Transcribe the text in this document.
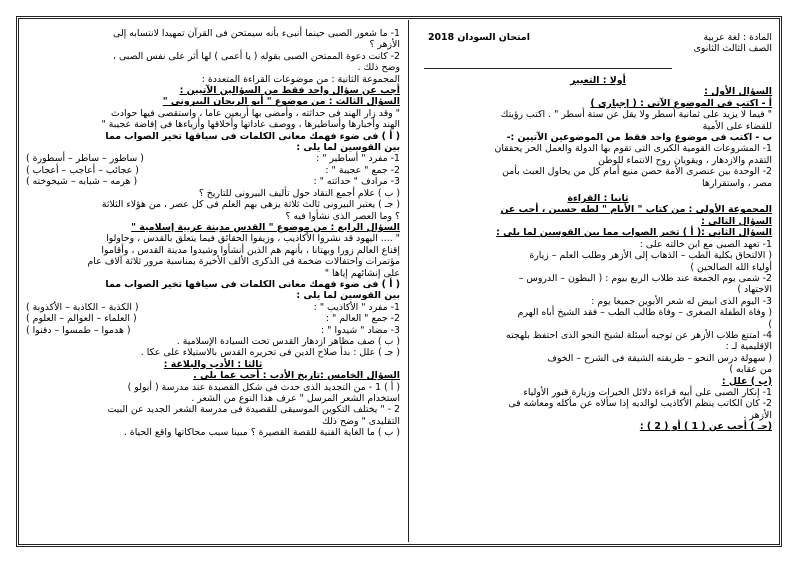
المادة : لغة عربية
الصف الثالث الثانوى
امتحان السودان 2018
أولا : التعبير
السؤال الأول :
أ - اكتب فى الموضوع الآتى : ( إجبارى )
" فيما لا يزيد على ثمانية أسطر ولا يقل عن ستة أسطر " . اكتب رؤيتك
للقضاء على الأمية
ب - اكتب فى موضوع واحد فقط من الموضوعين الآتيين :-
1- المشروعات القومية الكبرى التى تقوم بها الدولة والعمل الحر يحققان
التقدم والازدهار ، ويقويان روح الانتماء للوطن
2- الوحدة بين عنصرى الأمة حصن منيع أمام كل من يحاول العبث بأمن
مصر ، واستقرارها
ثانيا : القراءة
المجموعة الأولى : من كتاب " الأيام " لطه حسين ، أجب عن
السؤال التالى :
السؤال الثانى :( أ ) تخير الصواب مما بين القوسين لما يلى :
1- تعهد الصبى مع ابن خالته على :
( الالتحاق بكلية الطب – الذهاب إلى الأزهر وطلب العلم – زيارة
أولياء الله الصالحين )
2- شمى يوم الجمعة عند طلاب الربع بيوم : ( البطون – الدروس –
الاجتهاد )
3- اليوم الذى ابيض له شعر الأبوين جميعا يوم :
( وفاة الطفلة الصغرى – وفاة طالب الطب – فقد الشيخ أباه الهرم
)
4- امتنع طلاب الأزهر عن توجيه أسئلة لشيخ النحو الذى احتفظ بلهجته
الإقليمية لـ :
( سهولة درس النحو – طريقته الشيقة فى الشرح – الخوف
من عقابه )
(ب ) علل :
1- إنكار الصبى على أبيه قراءة دلائل الخيرات وزيارة قبور الأولياء
2- كان الكاتب ينظم الأكاذيب لوالديه إذا سألاه عن مأكله ومعاشه فى
الأزهر .
(جـ ) أجب عن ( 1 ) أو ( 2 ) :
1- ما شعور الصبى حينما أنبىء بأنه سيمتحن فى القرآن تمهيدا لانتسابه إلى
الأزهر ؟
2- كانت دعوة الممتحن الصبى بقوله ( يا أعمى ) لها أثر على نفس الصبى ،
وضح ذلك .
المجموعة الثانية : من موضوعات القراءة المتعددة :
أجب عن سؤال واحد فقط من السؤالين الآتيين :
السؤال الثالث : من موضوع " أبو الريحان البيرونى "
" وقد زار الهند فى حداثته ، وأمضى بها أربعين عاما ، واستقصى فيها حوادث
الهند وأخبارها وأساطيرها ، ووصف عاداتها وأخلاقها وأزياءها فى إفاضة عجيبة "
( أ ) فى ضوء فهمك معانى الكلمات فى سياقها تخير الصواب مما
بين القوسين لما يلى :
1- مفرد " أساطير " :
( ساطور – ساطر – أسطورة )
2- جمع " عجيبة " :
( عجائب – أعاجب – أعجاب )
3- مرادف " حداثته " :
( هرمه – شبابه – شيخوخته )
( ب ) علام أجمع النقاد حول تأليف البيرونى للتاريخ ؟
( جـ ) يعتبر البيرونى ثالث ثلاثة يزهى بهم العلم فى كل عصر ، من هؤلاء الثلاثة
؟ وما العصر الذى نشأوا فيه ؟
السؤال الرابع : من موضوع " القدس مدينة عربية إسلامية "
" .... اليهود قد نشروا الأكاذيب ، وزيفوا الحقائق فيما يتعلق بالقدس ، وحاولوا
إقناع العالم زورا وبهتانا ، بأنهم هم الذين أنشأوا وشيدوا مدينة القدس ، وأقاموا
مؤتمرات واحتفالات ضخمة فى الذكرى الألف الأخيرة بمناسبة مرور ثلاثة آلاف عام
على إنشائهم إياها "
( أ ) فى ضوء فهمك معانى الكلمات فى سياقها تخير الصواب مما
بين القوسين لما يلى :
1- مفرد " الأكاذيب " :
( الكذبة – الكاذبة – الأكذوبة )
2- جمع " العالم " :
( العلماء – العوالم – العلوم )
3- مضاد " شيدوا " :
( هدموا – طمسوا – دفنوا )
( ب ) صف مظاهر ازدهار القدس تحت السيادة الإسلامية .
( جـ ) علل : بدأ صلاح الدين فى تحريره القدس بالاستيلاء على عكا .
ثالثا : الأدب والبلاغة :
السؤال الخامس :تاريخ الأدب : أجب عما يلى .
( أ ) 1 - من التجديد الذى حدث فى شكل القصيدة عند مدرسة ( أبولو )
استخدام الشعر المرسل " عرف هذا النوع من الشعر .
2 - " يختلف التكوين الموسيقى للقصيدة فى مدرسة الشعر الجديد عن البيت
التقليدى " وضح ذلك
( ب ) ما الغاية الفنية للقصة القصيرة ؟ مبينا سبب محاكاتها واقع الحياة .
